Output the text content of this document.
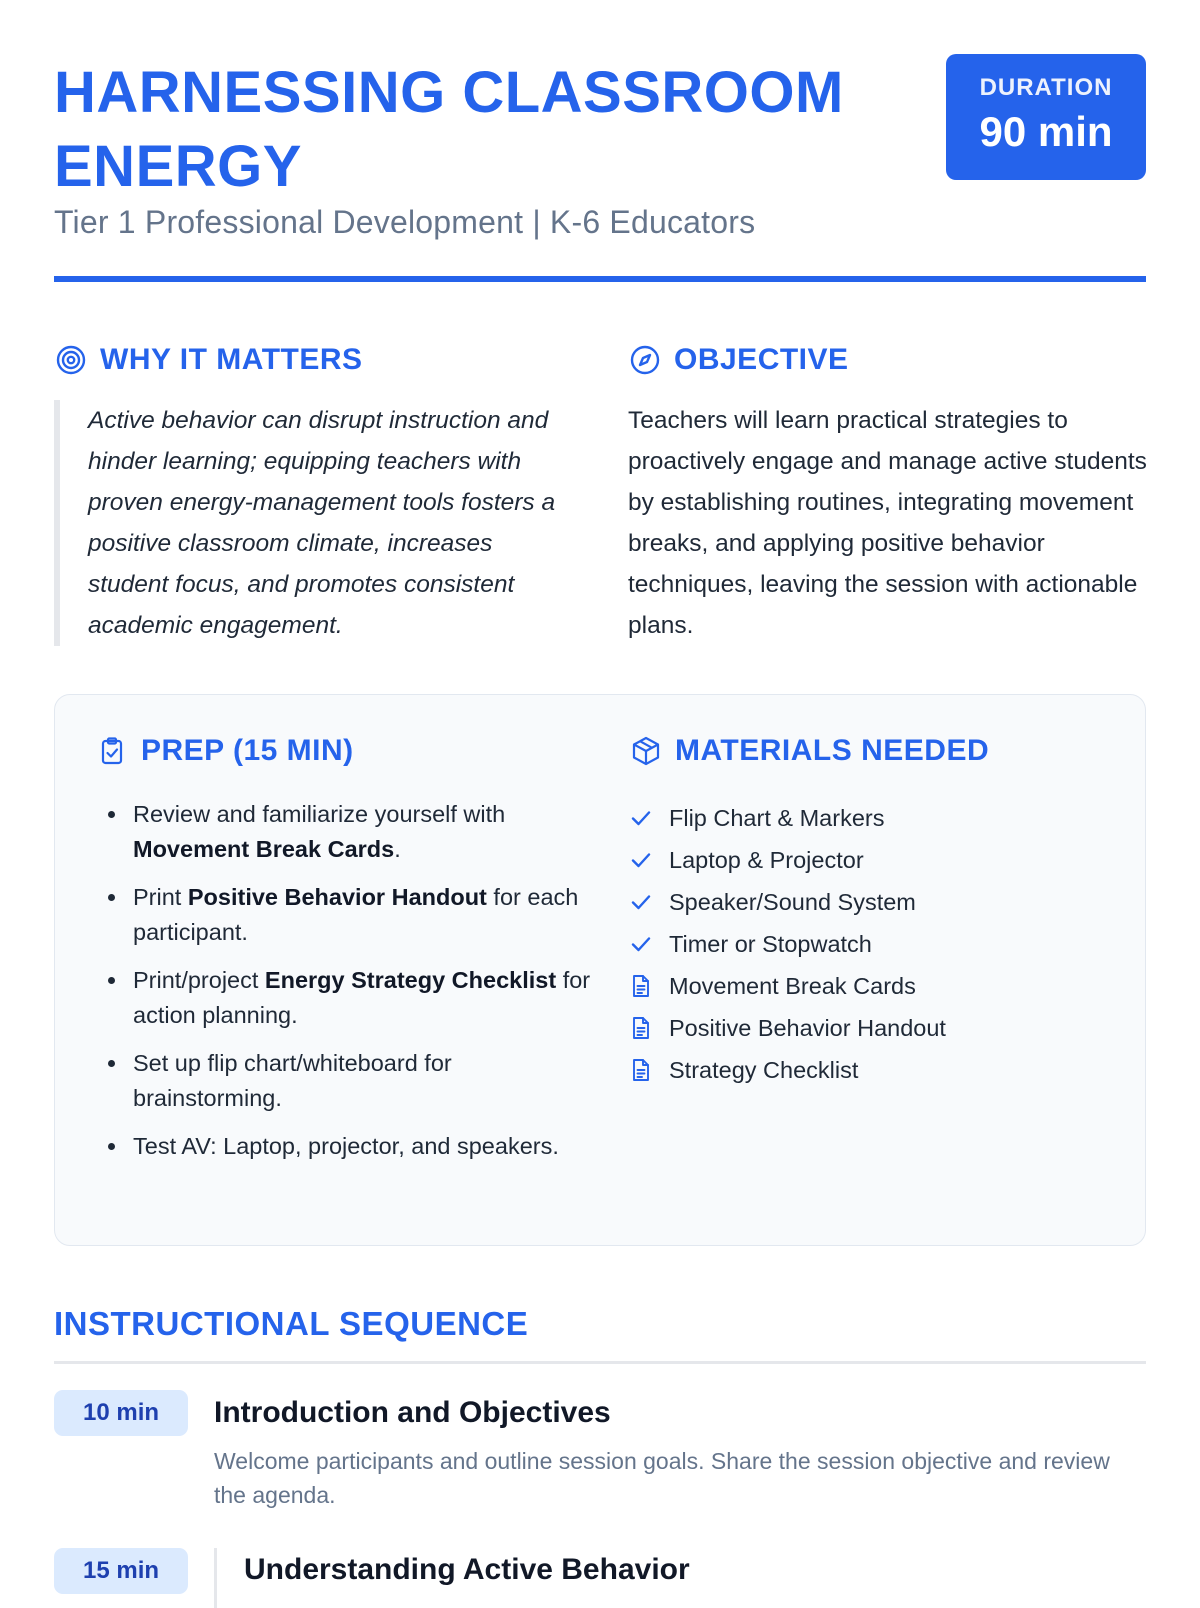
HARNESSING CLASSROOM ENERGY
Tier 1 Professional Development | K-6 Educators
DURATION
90 min
WHY IT MATTERS
Active behavior can disrupt instruction and hinder learning; equipping teachers with proven energy-management tools fosters a positive classroom climate, increases student focus, and promotes consistent academic engagement.
OBJECTIVE
Teachers will learn practical strategies to proactively engage and manage active students by establishing routines, integrating movement breaks, and applying positive behavior techniques, leaving the session with actionable plans.
PREP (15 MIN)
• Review and familiarize yourself with Movement Break Cards.
• Print Positive Behavior Handout for each participant.
• Print/project Energy Strategy Checklist for action planning.
• Set up flip chart/whiteboard for brainstorming.
• Test AV: Laptop, projector, and speakers.
MATERIALS NEEDED
Flip Chart & Markers
Laptop & Projector
Speaker/Sound System
Timer or Stopwatch
Movement Break Cards
Positive Behavior Handout
Strategy Checklist
INSTRUCTIONAL SEQUENCE
10 min	Introduction and Objectives
Welcome participants and outline session goals. Share the session objective and review the agenda.
15 min	Understanding Active Behavior
